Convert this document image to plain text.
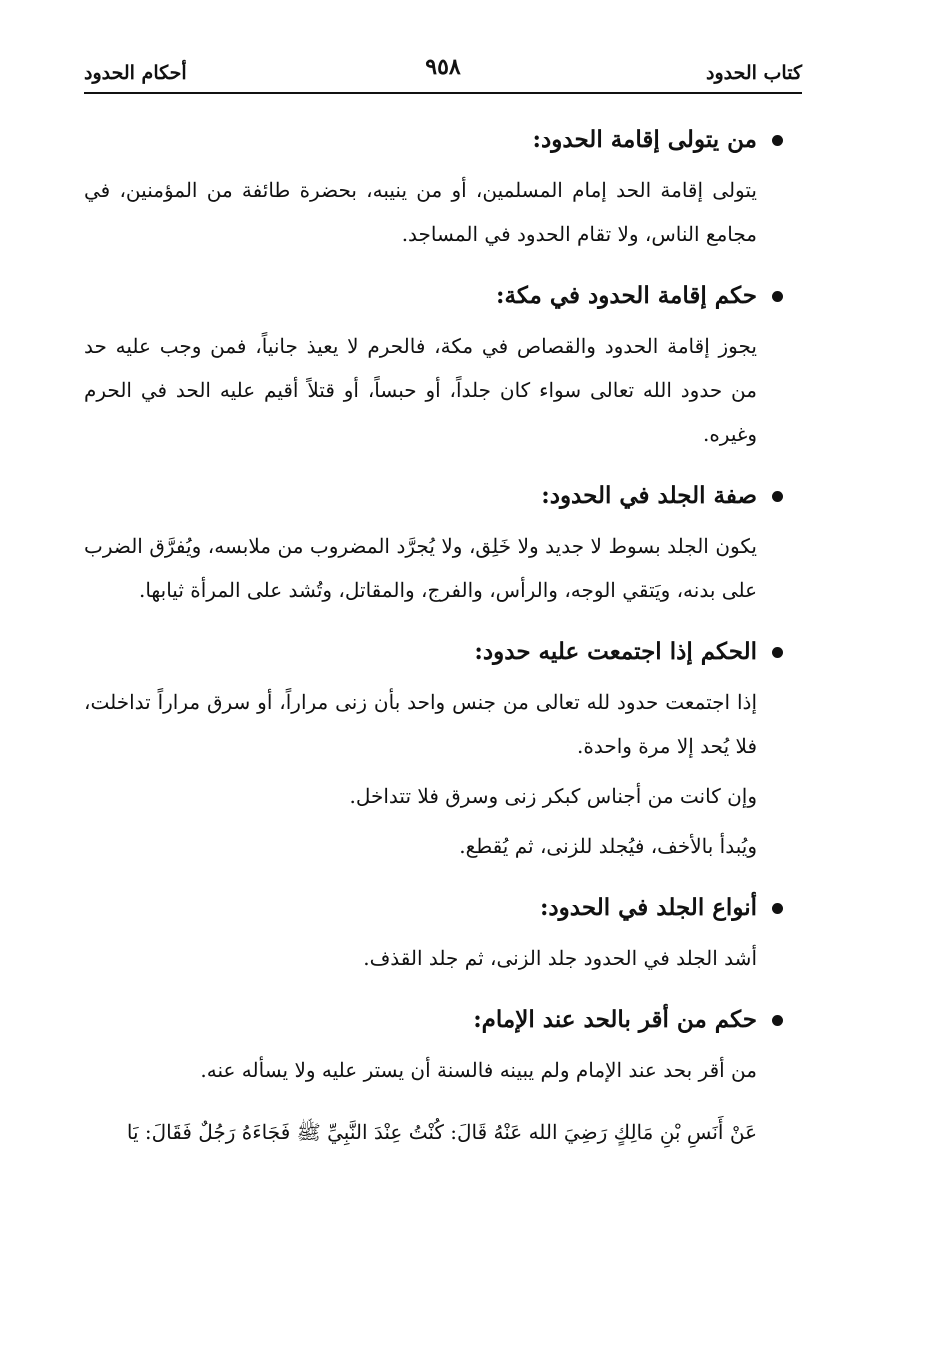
كتاب الحدود
٩٥٨
أحكام الحدود
من يتولى إقامة الحدود:

يتولى إقامة الحد إمام المسلمين، أو من ينيبه، بحضرة طائفة من المؤمنين، في مجامع الناس، ولا تقام الحدود في المساجد.

حكم إقامة الحدود في مكة:

يجوز إقامة الحدود والقصاص في مكة، فالحرم لا يعيذ جانياً، فمن وجب عليه حد من حدود الله تعالى سواء كان جلداً، أو حبساً، أو قتلاً أقيم عليه الحد في الحرم وغيره.

صفة الجلد في الحدود:

يكون الجلد بسوط لا جديد ولا خَلِق، ولا يُجرَّد المضروب من ملابسه، ويُفرَّق الضرب على بدنه، ويَتقي الوجه، والرأس، والفرج، والمقاتل، وتُشد على المرأة ثيابها.

الحكم إذا اجتمعت عليه حدود:

إذا اجتمعت حدود لله تعالى من جنس واحد بأن زنى مراراً، أو سرق مراراً تداخلت، فلا يُحد إلا مرة واحدة.

وإن كانت من أجناس كبكر زنى وسرق فلا تتداخل.

ويُبدأ بالأخف، فيُجلد للزنى، ثم يُقطع.

أنواع الجلد في الحدود:

أشد الجلد في الحدود جلد الزنى، ثم جلد القذف.

حكم من أقر بالحد عند الإمام:

من أقر بحد عند الإمام ولم يبينه فالسنة أن يستر عليه ولا يسأله عنه.

عَنْ أَنَسِ بْنِ مَالِكٍ رَضِيَ الله عَنْهُ قَالَ: كُنْتُ عِنْدَ النَّبِيِّ ﷺ فَجَاءَهُ رَجُلٌ فَقَالَ: يَا
